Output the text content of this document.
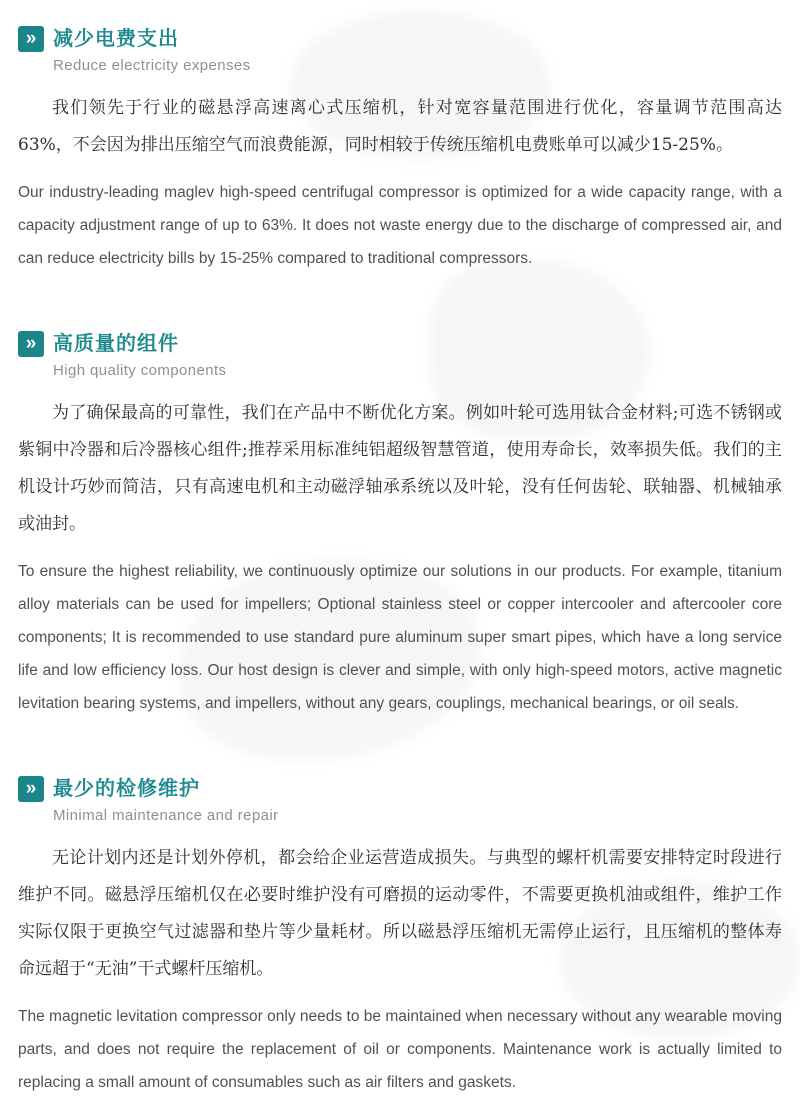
» 减少电费支出
Reduce electricity expenses

我们领先于行业的磁悬浮高速离心式压缩机，针对宽容量范围进行优化，容量调节范围高达63%，不会因为排出压缩空气而浪费能源，同时相较于传统压缩机电费账单可以减少15-25%。

Our industry-leading maglev high-speed centrifugal compressor is optimized for a wide capacity range, with a capacity adjustment range of up to 63%. It does not waste energy due to the discharge of compressed air, and can reduce electricity bills by 15-25% compared to traditional compressors.

» 高质量的组件
High quality components

为了确保最高的可靠性，我们在产品中不断优化方案。例如叶轮可选用钛合金材料;可选不锈钢或紫铜中冷器和后冷器核心组件;推荐采用标准纯铝超级智慧管道，使用寿命长，效率损失低。我们的主机设计巧妙而简洁，只有高速电机和主动磁浮轴承系统以及叶轮，没有任何齿轮、联轴器、机械轴承或油封。

To ensure the highest reliability, we continuously optimize our solutions in our products. For example, titanium alloy materials can be used for impellers; Optional stainless steel or copper intercooler and aftercooler core components; It is recommended to use standard pure aluminum super smart pipes, which have a long service life and low efficiency loss. Our host design is clever and simple, with only high-speed motors, active magnetic levitation bearing systems, and impellers, without any gears, couplings, mechanical bearings, or oil seals.

» 最少的检修维护
Minimal maintenance and repair

无论计划内还是计划外停机，都会给企业运营造成损失。与典型的螺杆机需要安排特定时段进行维护不同。磁悬浮压缩机仅在必要时维护没有可磨损的运动零件，不需要更换机油或组件，维护工作实际仅限于更换空气过滤器和垫片等少量耗材。所以磁悬浮压缩机无需停止运行，且压缩机的整体寿命远超于“无油”干式螺杆压缩机。

The magnetic levitation compressor only needs to be maintained when necessary without any wearable moving parts, and does not require the replacement of oil or components. Maintenance work is actually limited to replacing a small amount of consumables such as air filters and gaskets.
